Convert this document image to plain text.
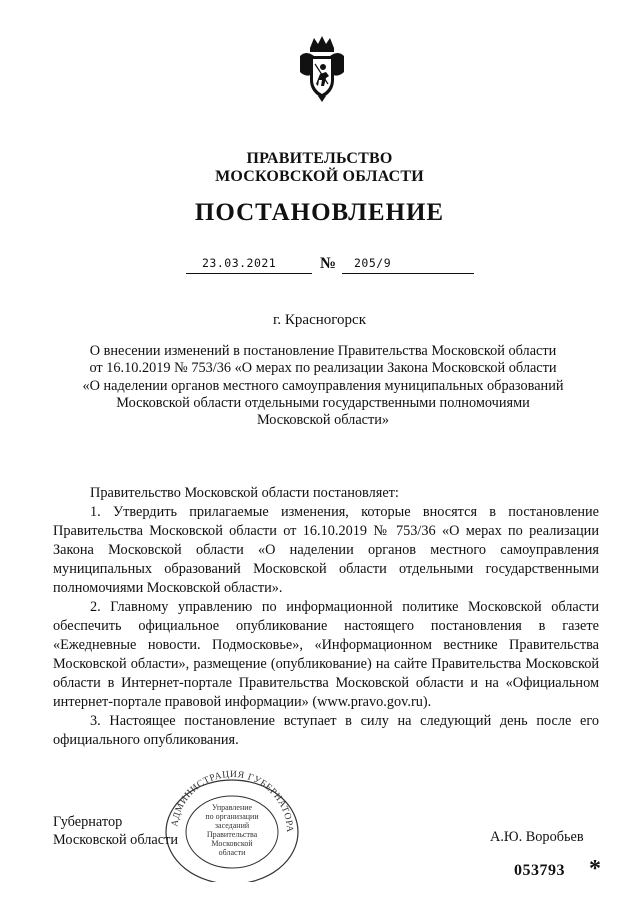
ПРАВИТЕЛЬСТВО
МОСКОВСКОЙ ОБЛАСТИ
ПОСТАНОВЛЕНИЕ
23.03.2021	№ 205/9
г. Красногорск
О внесении изменений в постановление Правительства Московской области
от 16.10.2019 № 753/36 «О мерах по реализации Закона Московской области
«О наделении органов местного самоуправления муниципальных образований
Московской области отдельными государственными полномочиями
Московской области»

Правительство Московской области постановляет:

1. Утвердить прилагаемые изменения, которые вносятся в постановление Правительства Московской области от 16.10.2019 № 753/36 «О мерах по реализации Закона Московской области «О наделении органов местного самоуправления муниципальных образований Московской области отдельными государственными полномочиями Московской области».

2. Главному управлению по информационной политике Московской области обеспечить официальное опубликование настоящего постановления в газете «Ежедневные новости. Подмосковье», «Информационном вестнике Правительства Московской области», размещение (опубликование) на сайте Правительства Московской области в Интернет-портале Правительства Московской области и на «Официальном интернет-портале правовой информации» (www.pravo.gov.ru).

3. Настоящее постановление вступает в силу на следующий день после его официального опубликования.

АДМИНИСТРАЦИЯ ГУБЕРНАТОРА
Управление
по организации
заседаний
Правительства
Московской
области
Губернатор
Московской области	А.Ю. Воробьев
053793 *
